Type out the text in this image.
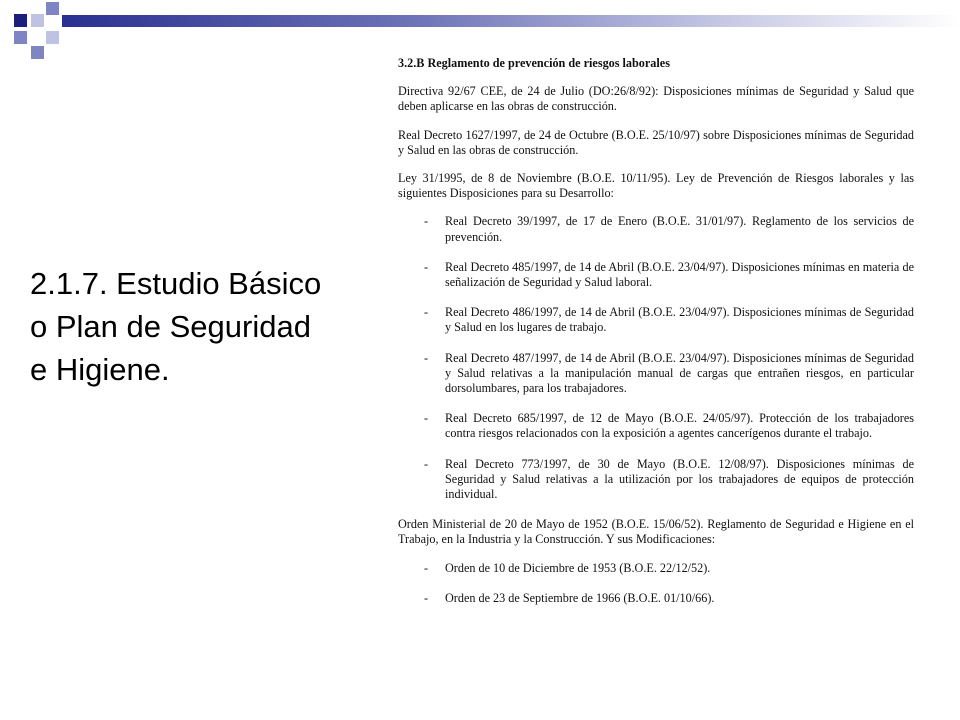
2.1.7. Estudio Básico
o Plan de Seguridad
e Higiene.
3.2.B Reglamento de prevención de riesgos laborales
Directiva 92/67 CEE, de 24 de Julio (DO:26/8/92): Disposiciones mínimas de Seguridad y Salud que deben aplicarse en las obras de construcción.
Real Decreto 1627/1997, de 24 de Octubre (B.O.E. 25/10/97) sobre Disposiciones mínimas de Seguridad y Salud en las obras de construcción.
Ley 31/1995, de 8 de Noviembre (B.O.E. 10/11/95). Ley de Prevención de Riesgos laborales y las siguientes Disposiciones para su Desarrollo:
- Real Decreto 39/1997, de 17 de Enero (B.O.E. 31/01/97). Reglamento de los servicios de prevención.
- Real Decreto 485/1997, de 14 de Abril (B.O.E. 23/04/97). Disposiciones mínimas en materia de señalización de Seguridad y Salud laboral.
- Real Decreto 486/1997, de 14 de Abril (B.O.E. 23/04/97). Disposiciones mínimas de Seguridad y Salud en los lugares de trabajo.
- Real Decreto 487/1997, de 14 de Abril (B.O.E. 23/04/97). Disposiciones mínimas de Seguridad y Salud relativas a la manipulación manual de cargas que entrañen riesgos, en particular dorsolumbares, para los trabajadores.
- Real Decreto 685/1997, de 12 de Mayo (B.O.E. 24/05/97). Protección de los trabajadores contra riesgos relacionados con la exposición a agentes cancerígenos durante el trabajo.
- Real Decreto 773/1997, de 30 de Mayo (B.O.E. 12/08/97). Disposiciones mínimas de Seguridad y Salud relativas a la utilización por los trabajadores de equipos de protección individual.
Orden Ministerial de 20 de Mayo de 1952 (B.O.E. 15/06/52). Reglamento de Seguridad e Higiene en el Trabajo, en la Industria y la Construcción. Y sus Modificaciones:
- Orden de 10 de Diciembre de 1953 (B.O.E. 22/12/52).
- Orden de 23 de Septiembre de 1966 (B.O.E. 01/10/66).
